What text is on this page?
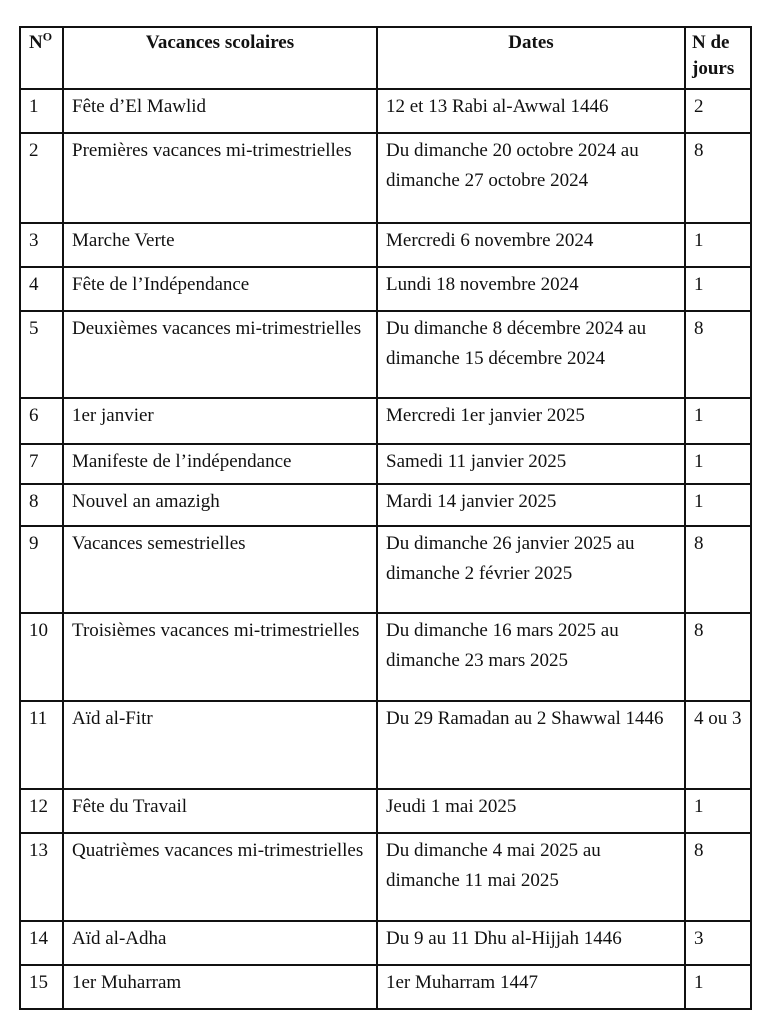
$N^O$	Vacances scolaires	Dates	N de jours
1	Fête d’El Mawlid	12 et 13 Rabi al-Awwal 1446	2
2	Premières vacances mi-trimestrielles	Du dimanche 20 octobre 2024 au dimanche 27 octobre 2024	8
3	Marche Verte	Mercredi 6 novembre 2024	1
4	Fête de l’Indépendance	Lundi 18 novembre 2024	1
5	Deuxièmes vacances mi-trimestrielles	Du dimanche 8 décembre 2024 au dimanche 15 décembre 2024	8
6	1er janvier	Mercredi 1er janvier 2025	1
7	Manifeste de l’indépendance	Samedi 11 janvier 2025	1
8	Nouvel an amazigh	Mardi 14 janvier 2025	1
9	Vacances semestrielles	Du dimanche 26 janvier 2025 au dimanche 2 février 2025	8
10	Troisièmes vacances mi-trimestrielles	Du dimanche 16 mars 2025 au dimanche 23 mars 2025	8
11	Aïd al-Fitr	Du 29 Ramadan au 2 Shawwal 1446	4 ou 3
12	Fête du Travail	Jeudi 1 mai 2025	1
13	Quatrièmes vacances mi-trimestrielles	Du dimanche 4 mai 2025 au dimanche 11 mai 2025	8
14	Aïd al-Adha	Du 9 au 11 Dhu al-Hijjah 1446	3
15	1er Muharram	1er Muharram 1447	1
